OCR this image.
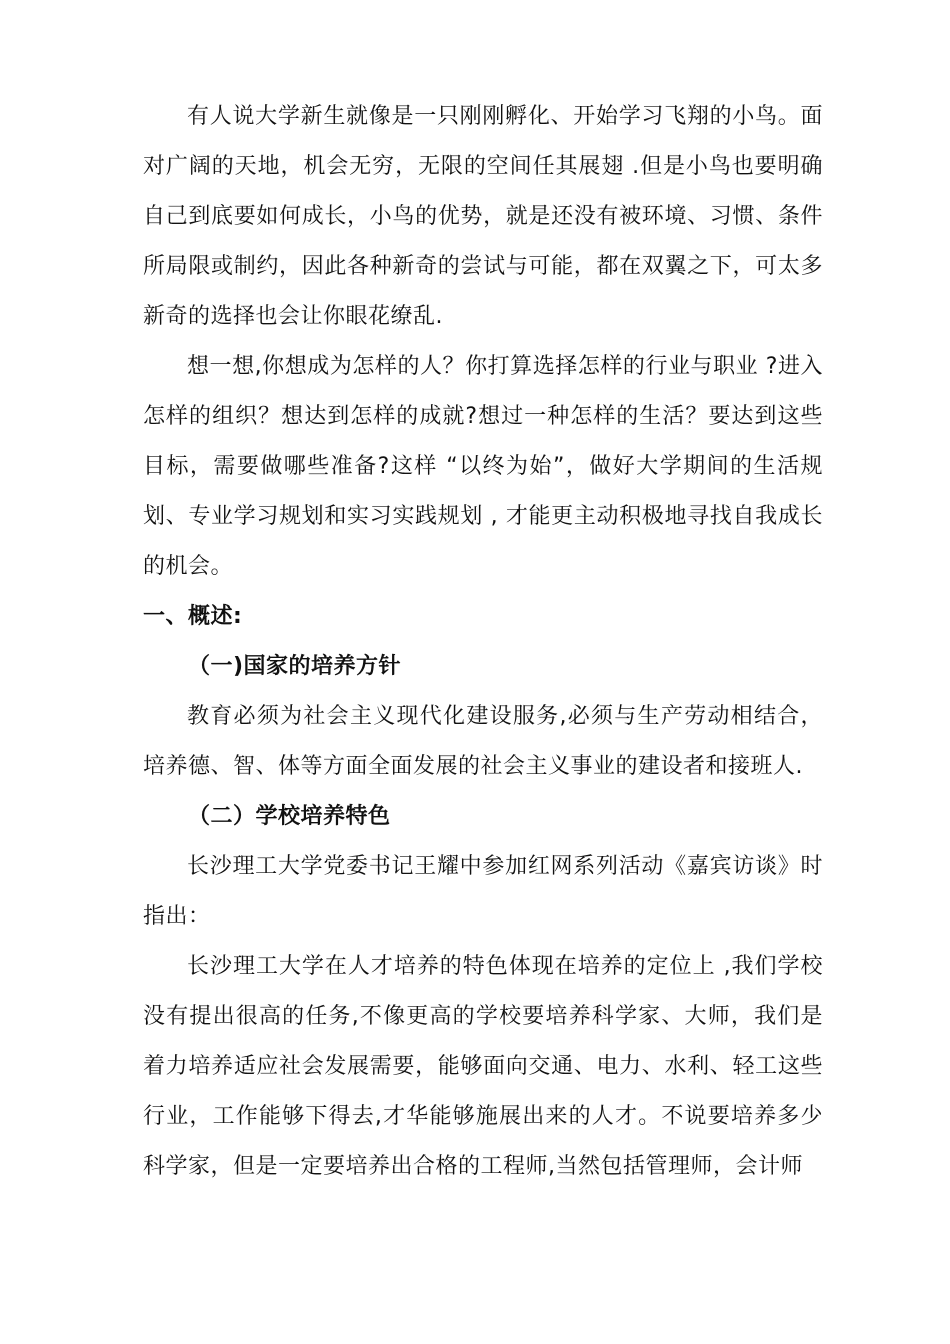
有人说大学新生就像是一只刚刚孵化、开始学习飞翔的小鸟。面对广阔的天地，机会无穷，无限的空间任其展翅 .但是小鸟也要明确自己到底要如何成长，小鸟的优势，就是还没有被环境、习惯、条件所局限或制约，因此各种新奇的尝试与可能，都在双翼之下，可太多新奇的选择也会让你眼花缭乱.

想一想,你想成为怎样的人？你打算选择怎样的行业与职业 ?进入怎样的组织？想达到怎样的成就?想过一种怎样的生活？要达到这些目标，需要做哪些准备?这样 “以终为始”，做好大学期间的生活规划、专业学习规划和实习实践规划 , 才能更主动积极地寻找自我成长的机会。

一、概述:
（一)国家的培养方针

教育必须为社会主义现代化建设服务,必须与生产劳动相结合，培养德、智、体等方面全面发展的社会主义事业的建设者和接班人.

（二）学校培养特色

长沙理工大学党委书记王耀中参加红网系列活动《嘉宾访谈》时指出：

长沙理工大学在人才培养的特色体现在培养的定位上 ,我们学校没有提出很高的任务,不像更高的学校要培养科学家、大师，我们是着力培养适应社会发展需要，能够面向交通、电力、水利、轻工这些行业，工作能够下得去,才华能够施展出来的人才。不说要培养多少科学家，但是一定要培养出合格的工程师,当然包括管理师，会计师
